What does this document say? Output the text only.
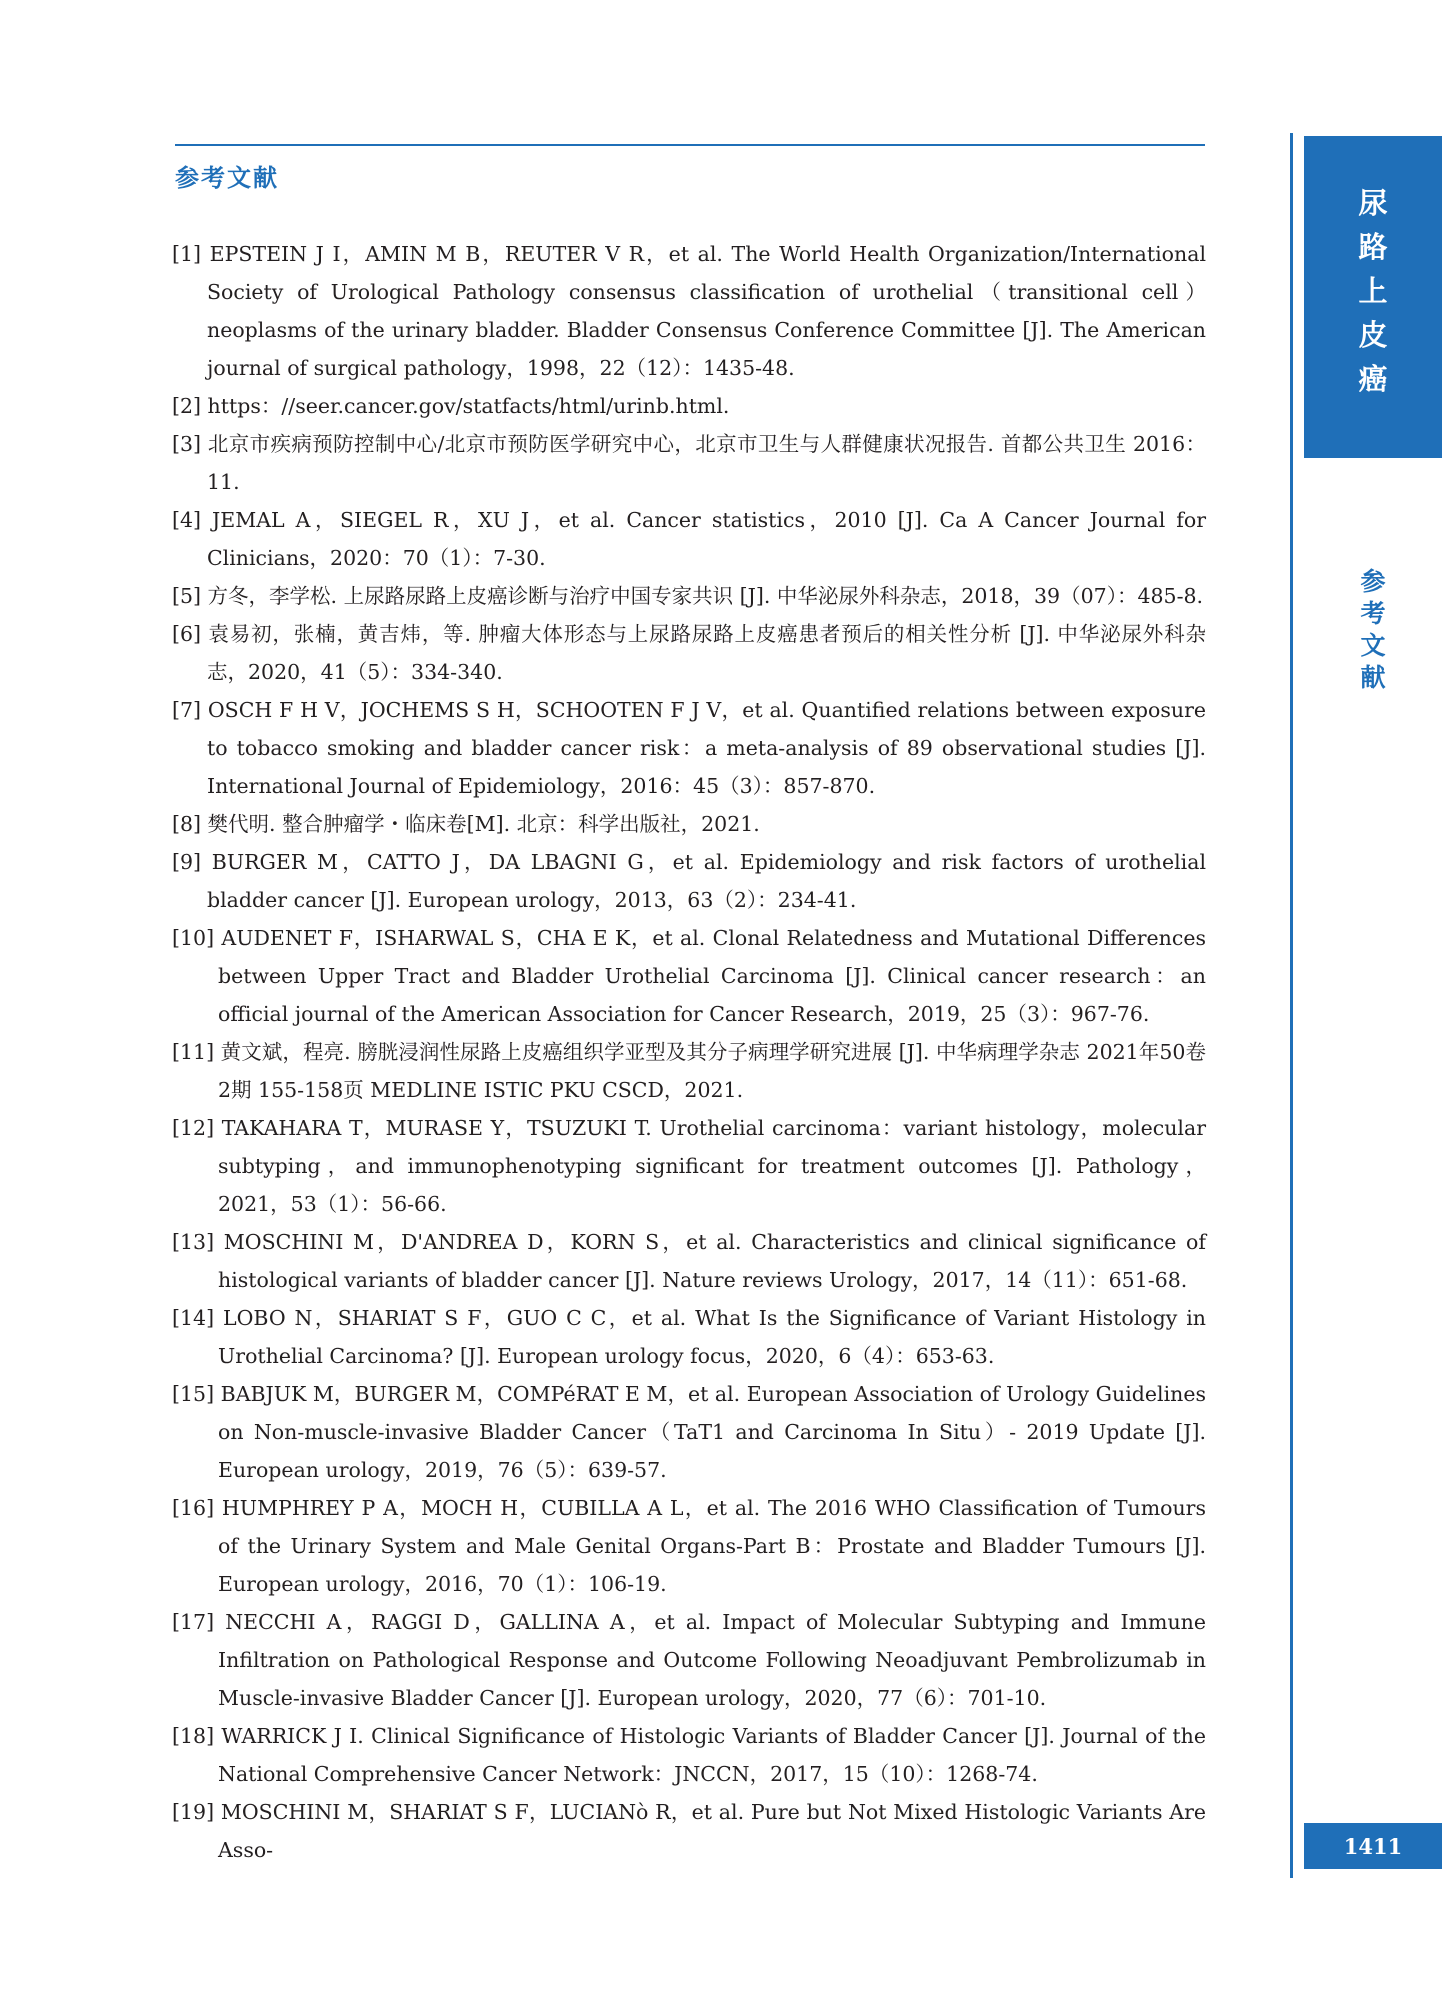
参考文献
尿
路
上
皮
癌
参
考
文
献
1411
[1] EPSTEIN J I，AMIN M B，REUTER V R，et al. The World Health Organization/International Society of Urological Pathology consensus classification of urothelial（transitional cell）neoplasms of the urinary bladder. Bladder Consensus Conference Committee [J]. The American journal of surgical pathology，1998，22（12）：1435-48.
[2] https：//seer.cancer.gov/statfacts/html/urinb.html.
[3] 北京市疾病预防控制中心/北京市预防医学研究中心，北京市卫生与人群健康状况报告. 首都公共卫生 2016：11.
[4] JEMAL A，SIEGEL R，XU J，et al. Cancer statistics，2010 [J]. Ca A Cancer Journal for Clinicians，2020：70（1）：7-30.
[5] 方冬，李学松. 上尿路尿路上皮癌诊断与治疗中国专家共识 [J]. 中华泌尿外科杂志，2018，39（07）：485-8.
[6] 袁易初，张楠，黄吉炜，等. 肿瘤大体形态与上尿路尿路上皮癌患者预后的相关性分析 [J]. 中华泌尿外科杂志，2020，41（5）：334-340.
[7] OSCH F H V，JOCHEMS S H，SCHOOTEN F J V，et al. Quantified relations between exposure to tobacco smoking and bladder cancer risk：a meta-analysis of 89 observational studies [J]. International Journal of Epidemiology，2016：45（3）：857-870.
[8] 樊代明. 整合肿瘤学・临床卷[M]. 北京：科学出版社，2021.
[9] BURGER M，CATTO J，DA LBAGNI G，et al. Epidemiology and risk factors of urothelial bladder cancer [J]. European urology，2013，63（2）：234-41.
[10] AUDENET F，ISHARWAL S，CHA E K，et al. Clonal Relatedness and Mutational Differences between Upper Tract and Bladder Urothelial Carcinoma [J]. Clinical cancer research：an official journal of the American Association for Cancer Research，2019，25（3）：967-76.
[11] 黄文斌，程亮. 膀胱浸润性尿路上皮癌组织学亚型及其分子病理学研究进展 [J]. 中华病理学杂志 2021年50卷2期 155-158页 MEDLINE ISTIC PKU CSCD，2021.
[12] TAKAHARA T，MURASE Y，TSUZUKI T. Urothelial carcinoma：variant histology，molecular subtyping，and immunophenotyping significant for treatment outcomes [J]. Pathology，2021，53（1）：56-66.
[13] MOSCHINI M，D'ANDREA D，KORN S，et al. Characteristics and clinical significance of histological variants of bladder cancer [J]. Nature reviews Urology，2017，14（11）：651-68.
[14] LOBO N，SHARIAT S F，GUO C C，et al. What Is the Significance of Variant Histology in Urothelial Carcinoma? [J]. European urology focus，2020，6（4）：653-63.
[15] BABJUK M，BURGER M，COMPéRAT E M，et al. European Association of Urology Guidelines on Non-muscle-invasive Bladder Cancer（TaT1 and Carcinoma In Situ）- 2019 Update [J]. European urology，2019，76（5）：639-57.
[16] HUMPHREY P A，MOCH H，CUBILLA A L，et al. The 2016 WHO Classification of Tumours of the Urinary System and Male Genital Organs-Part B：Prostate and Bladder Tumours [J]. European urology，2016，70（1）：106-19.
[17] NECCHI A，RAGGI D，GALLINA A，et al. Impact of Molecular Subtyping and Immune Infiltration on Pathological Response and Outcome Following Neoadjuvant Pembrolizumab in Muscle-invasive Bladder Cancer [J]. European urology，2020，77（6）：701-10.
[18] WARRICK J I. Clinical Significance of Histologic Variants of Bladder Cancer [J]. Journal of the National Comprehensive Cancer Network：JNCCN，2017，15（10）：1268-74.
[19] MOSCHINI M，SHARIAT S F，LUCIANò R，et al. Pure but Not Mixed Histologic Variants Are Asso-
